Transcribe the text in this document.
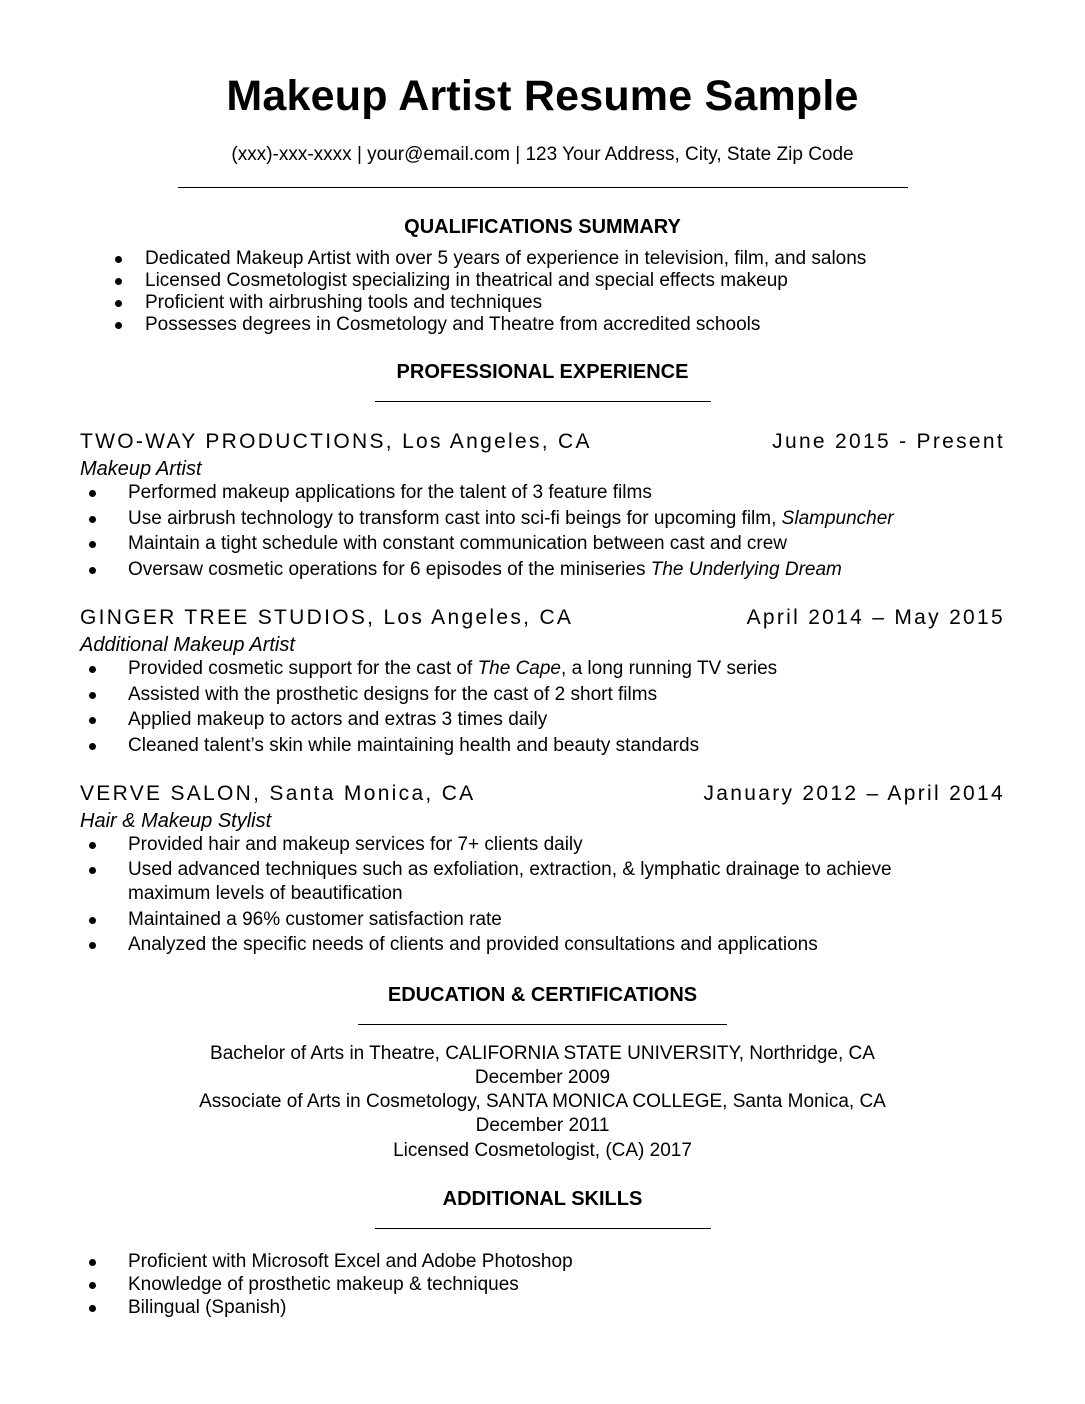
Makeup Artist Resume Sample
(xxx)-xxx-xxxx | your@email.com | 123 Your Address, City, State Zip Code
QUALIFICATIONS SUMMARY
Dedicated Makeup Artist with over 5 years of experience in television, film, and salons
Licensed Cosmetologist specializing in theatrical and special effects makeup
Proficient with airbrushing tools and techniques
Possesses degrees in Cosmetology and Theatre from accredited schools
PROFESSIONAL EXPERIENCE
TWO-WAY PRODUCTIONS, Los Angeles, CA	June 2015 - Present
Makeup Artist
Performed makeup applications for the talent of 3 feature films
Use airbrush technology to transform cast into sci-fi beings for upcoming film, Slampuncher
Maintain a tight schedule with constant communication between cast and crew
Oversaw cosmetic operations for 6 episodes of the miniseries The Underlying Dream
GINGER TREE STUDIOS, Los Angeles, CA	April 2014 – May 2015
Additional Makeup Artist
Provided cosmetic support for the cast of The Cape, a long running TV series
Assisted with the prosthetic designs for the cast of 2 short films
Applied makeup to actors and extras 3 times daily
Cleaned talent’s skin while maintaining health and beauty standards
VERVE SALON, Santa Monica, CA	January 2012 – April 2014
Hair & Makeup Stylist
Provided hair and makeup services for 7+ clients daily
Used advanced techniques such as exfoliation, extraction, & lymphatic drainage to achieve
maximum levels of beautification
Maintained a 96% customer satisfaction rate
Analyzed the specific needs of clients and provided consultations and applications
EDUCATION & CERTIFICATIONS
Bachelor of Arts in Theatre, CALIFORNIA STATE UNIVERSITY, Northridge, CA
December 2009
Associate of Arts in Cosmetology, SANTA MONICA COLLEGE, Santa Monica, CA
December 2011
Licensed Cosmetologist, (CA) 2017
ADDITIONAL SKILLS
Proficient with Microsoft Excel and Adobe Photoshop
Knowledge of prosthetic makeup & techniques
Bilingual (Spanish)
